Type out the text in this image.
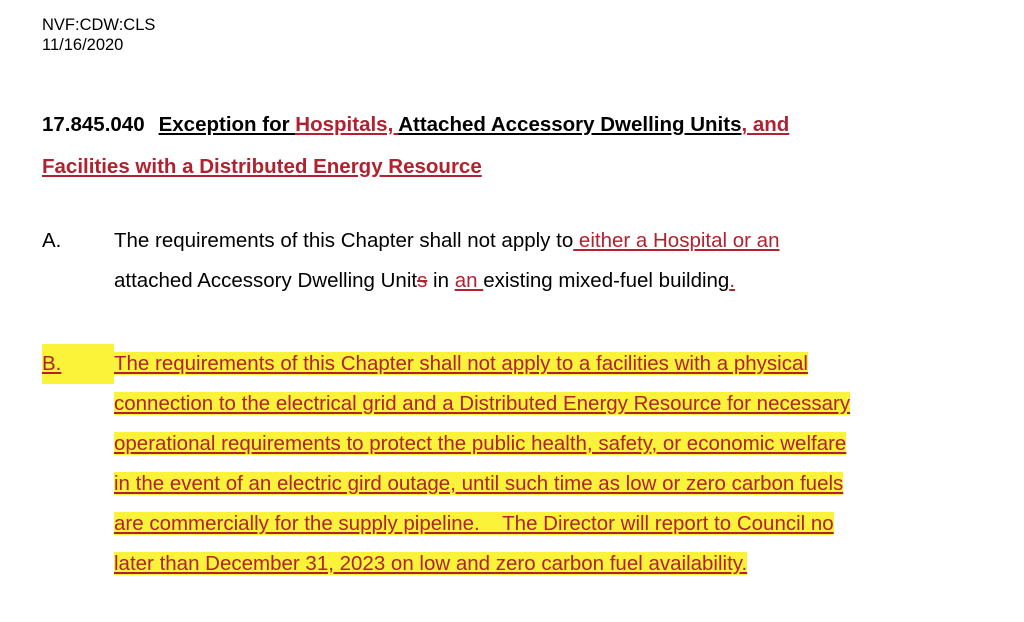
NVF:CDW:CLS
11/16/2020
17.845.040 Exception for Hospitals, Attached Accessory Dwelling Units, and
Facilities with a Distributed Energy Resource
A.	The requirements of this Chapter shall not apply to either a Hospital or an
attached Accessory Dwelling Units in an existing mixed-fuel building.
B.	The requirements of this Chapter shall not apply to a facilities with a physical
connection to the electrical grid and a Distributed Energy Resource for necessary
operational requirements to protect the public health, safety, or economic welfare
in the event of an electric gird outage, until such time as low or zero carbon fuels
are commercially for the supply pipeline.    The Director will report to Council no
later than December 31, 2023 on low and zero carbon fuel availability.
